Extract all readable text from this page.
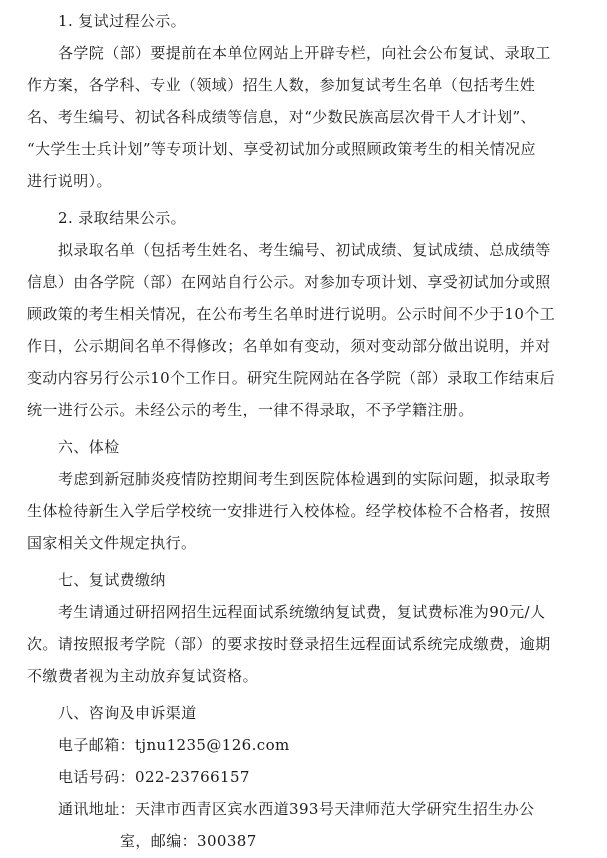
1. 复试过程公示。
各学院（部）要提前在本单位网站上开辟专栏，向社会公布复试、录取工
作方案，各学科、专业（领域）招生人数，参加复试考生名单（包括考生姓
名、考生编号、初试各科成绩等信息，对“少数民族高层次骨干人才计划”、
“大学生士兵计划”等专项计划、享受初试加分或照顾政策考生的相关情况应
进行说明）。
2. 录取结果公示。
拟录取名单（包括考生姓名、考生编号、初试成绩、复试成绩、总成绩等
信息）由各学院（部）在网站自行公示。对参加专项计划、享受初试加分或照
顾政策的考生相关情况，在公布考生名单时进行说明。公示时间不少于10个工
作日，公示期间名单不得修改；名单如有变动，须对变动部分做出说明，并对
变动内容另行公示10个工作日。研究生院网站在各学院（部）录取工作结束后
统一进行公示。未经公示的考生，一律不得录取，不予学籍注册。
六、体检
考虑到新冠肺炎疫情防控期间考生到医院体检遇到的实际问题，拟录取考
生体检待新生入学后学校统一安排进行入校体检。经学校体检不合格者，按照
国家相关文件规定执行。
七、复试费缴纳
考生请通过研招网招生远程面试系统缴纳复试费，复试费标准为90元/人
次。请按照报考学院（部）的要求按时登录招生远程面试系统完成缴费，逾期
不缴费者视为主动放弃复试资格。
八、咨询及申诉渠道
电子邮箱：tjnu1235@126.com
电话号码：022-23766157
通讯地址：天津市西青区宾水西道393号天津师范大学研究生招生办公
室，邮编：300387
